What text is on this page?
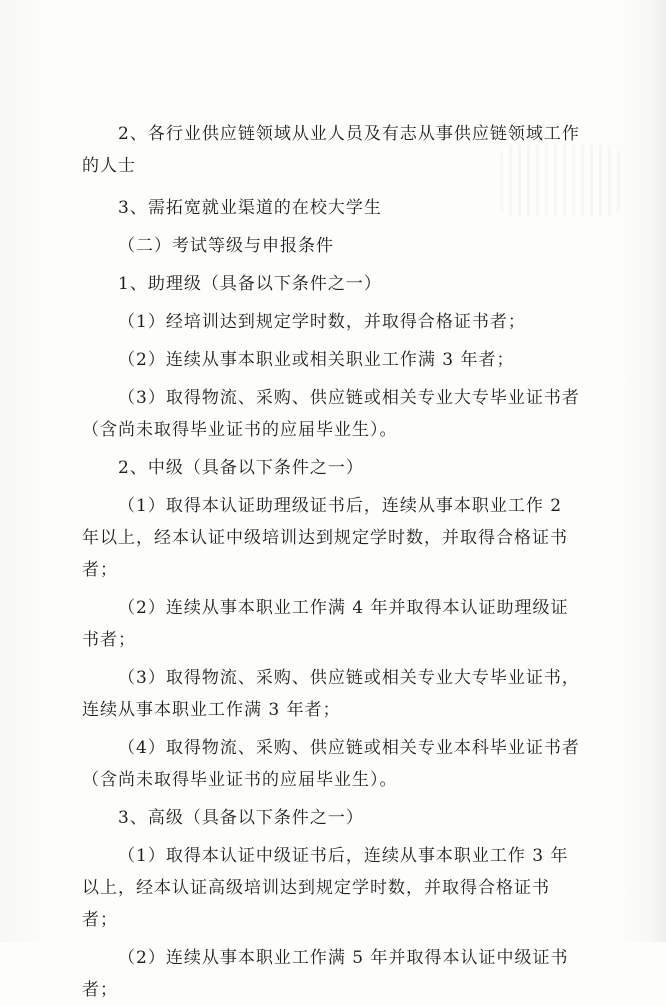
2、各行业供应链领域从业人员及有志从事供应链领域工作的人士

3、需拓宽就业渠道的在校大学生

（二）考试等级与申报条件

1、助理级（具备以下条件之一）

（1）经培训达到规定学时数，并取得合格证书者；

（2）连续从事本职业或相关职业工作满 3 年者；

（3）取得物流、采购、供应链或相关专业大专毕业证书者（含尚未取得毕业证书的应届毕业生）。

2、中级（具备以下条件之一）

（1）取得本认证助理级证书后，连续从事本职业工作 2 年以上，经本认证中级培训达到规定学时数，并取得合格证书者；

（2）连续从事本职业工作满 4 年并取得本认证助理级证书者；

（3）取得物流、采购、供应链或相关专业大专毕业证书，连续从事本职业工作满 3 年者；

（4）取得物流、采购、供应链或相关专业本科毕业证书者（含尚未取得毕业证书的应届毕业生）。

3、高级（具备以下条件之一）

（1）取得本认证中级证书后，连续从事本职业工作 3 年以上，经本认证高级培训达到规定学时数，并取得合格证书者；

（2）连续从事本职业工作满 5 年并取得本认证中级证书者；
